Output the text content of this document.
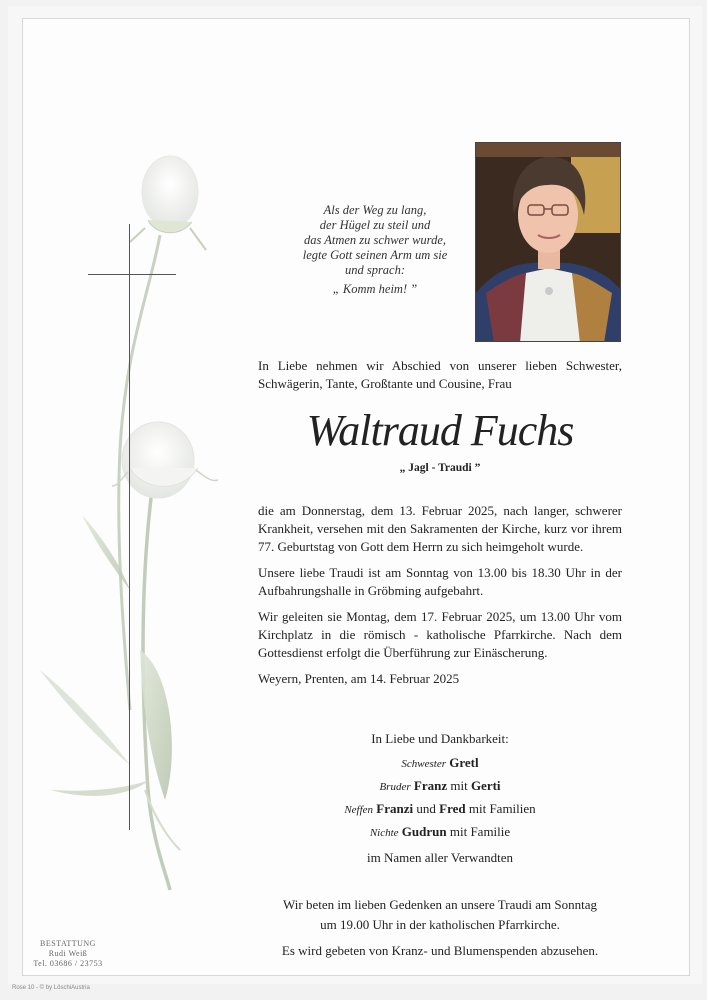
Als der Weg zu lang,
der Hügel zu steil und
das Atmen zu schwer wurde,
legte Gott seinen Arm um sie
und sprach:
„ Komm heim! ”
In Liebe nehmen wir Abschied von unserer lieben Schwester, Schwägerin, Tante, Großtante und Cousine, Frau
Waltraud Fuchs
„ Jagl - Traudi ”

die am Donnerstag, dem 13. Februar 2025, nach langer, schwerer Krankheit, versehen mit den Sakramenten der Kirche, kurz vor ihrem 77. Geburtstag von Gott dem Herrn zu sich heimgeholt wurde.

Unsere liebe Traudi ist am Sonntag von 13.00 bis 18.30 Uhr in der Aufbahrungshalle in Gröbming aufgebahrt.

Wir geleiten sie Montag, dem 17. Februar 2025, um 13.00 Uhr vom Kirchplatz in die römisch - katholische Pfarrkirche. Nach dem Gottesdienst erfolgt die Überführung zur Einäscherung.

Weyern, Prenten, am 14. Februar 2025

In Liebe und Dankbarkeit:
Schwester Gretl
Bruder Franz mit Gerti
Neffen Franzi und Fred mit Familien
Nichte Gudrun mit Familie
im Namen aller Verwandten
Wir beten im lieben Gedenken an unsere Traudi am Sonntag
um 19.00 Uhr in der katholischen Pfarrkirche.
Es wird gebeten von Kranz- und Blumenspenden abzusehen.
BESTATTUNG
Rudi Weiß
Tel. 03686 / 23753
Rose 10 - © by LöschiAustria
